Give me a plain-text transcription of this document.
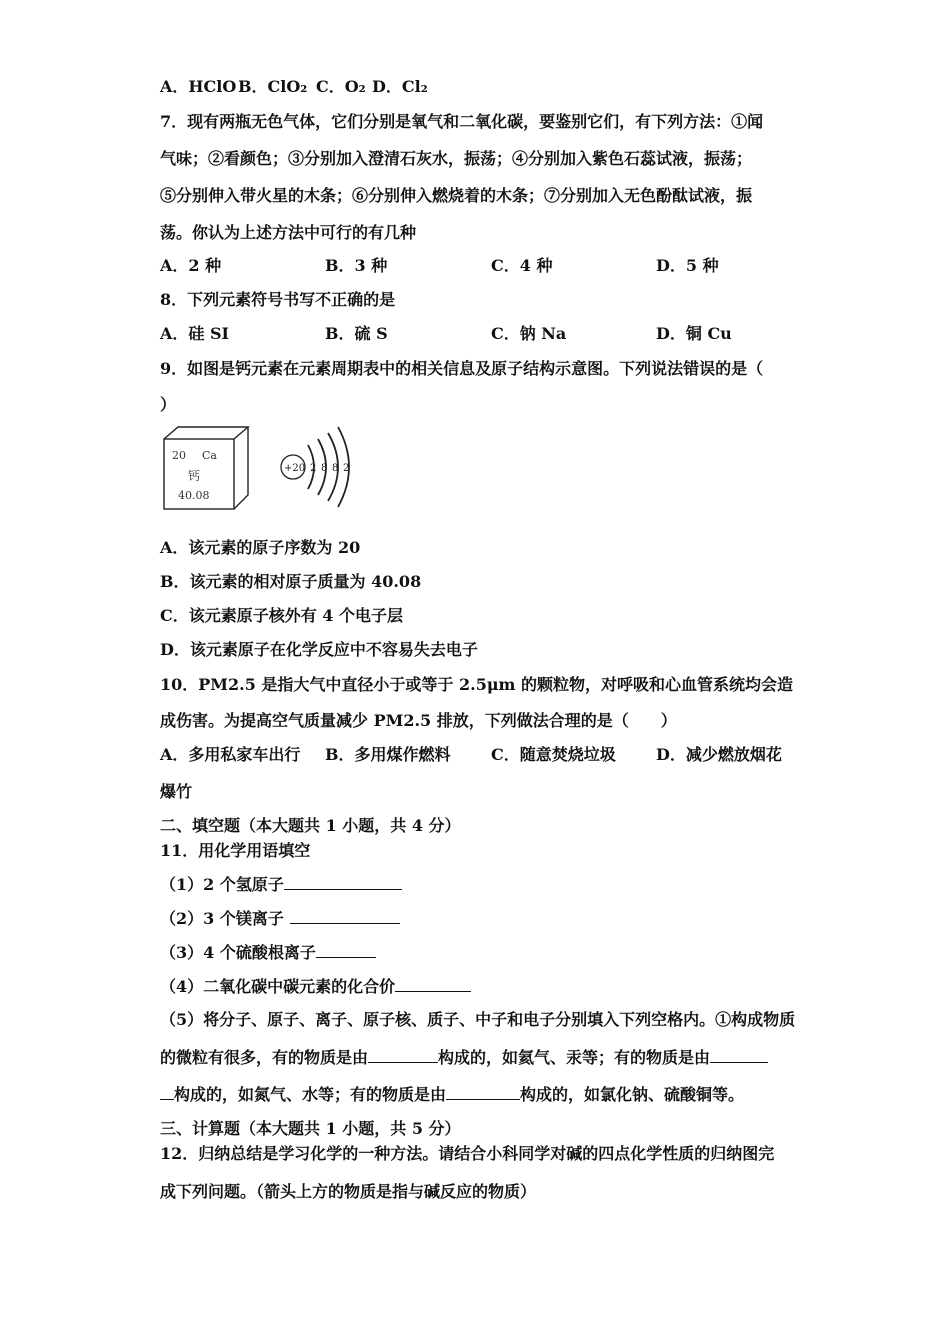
A．HClO B．ClO₂ C．O₂ D．Cl₂
7．现有两瓶无色气体，它们分别是氧气和二氧化碳，要鉴别它们，有下列方法：①闻
气味；②看颜色；③分别加入澄清石灰水，振荡；④分别加入紫色石蕊试液，振荡；
⑤分别伸入带火星的木条；⑥分别伸入燃烧着的木条；⑦分别加入无色酚酞试液，振
荡。你认为上述方法中可行的有几种
A．2 种	B．3 种	C．4 种	D．5 种
8．下列元素符号书写不正确的是
A．硅 SI	B．硫 S	C．钠 Na	D．铜 Cu
9．如图是钙元素在元素周期表中的相关信息及原子结构示意图。下列说法错误的是（
）
20 Ca
钙
40.08
+20 2 8 8 2
A．该元素的原子序数为 20
B．该元素的相对原子质量为 40.08
C．该元素原子核外有 4 个电子层
D．该元素原子在化学反应中不容易失去电子
10．PM2.5 是指大气中直径小于或等于 2.5μm 的颗粒物，对呼吸和心血管系统均会造
成伤害。为提高空气质量减少 PM2.5 排放，下列做法合理的是（　　）
A．多用私家车出行 B．多用煤作燃料	C．随意焚烧垃圾	D．减少燃放烟花
爆竹
二、填空题（本大题共 1 小题，共 4 分）
11．用化学用语填空
（1）2 个氢原子
（2）3 个镁离子
（3）4 个硫酸根离子
（4）二氧化碳中碳元素的化合价
（5）将分子、原子、离子、原子核、质子、中子和电子分别填入下列空格内。①构成物质
的微粒有很多，有的物质是由	构成的，如氦气、汞等；有的物质是由
构成的，如氮气、水等；有的物质是由	构成的，如氯化钠、硫酸铜等。
三、计算题（本大题共 1 小题，共 5 分）
12．归纳总结是学习化学的一种方法。请结合小科同学对碱的四点化学性质的归纳图完
成下列问题。（箭头上方的物质是指与碱反应的物质）
